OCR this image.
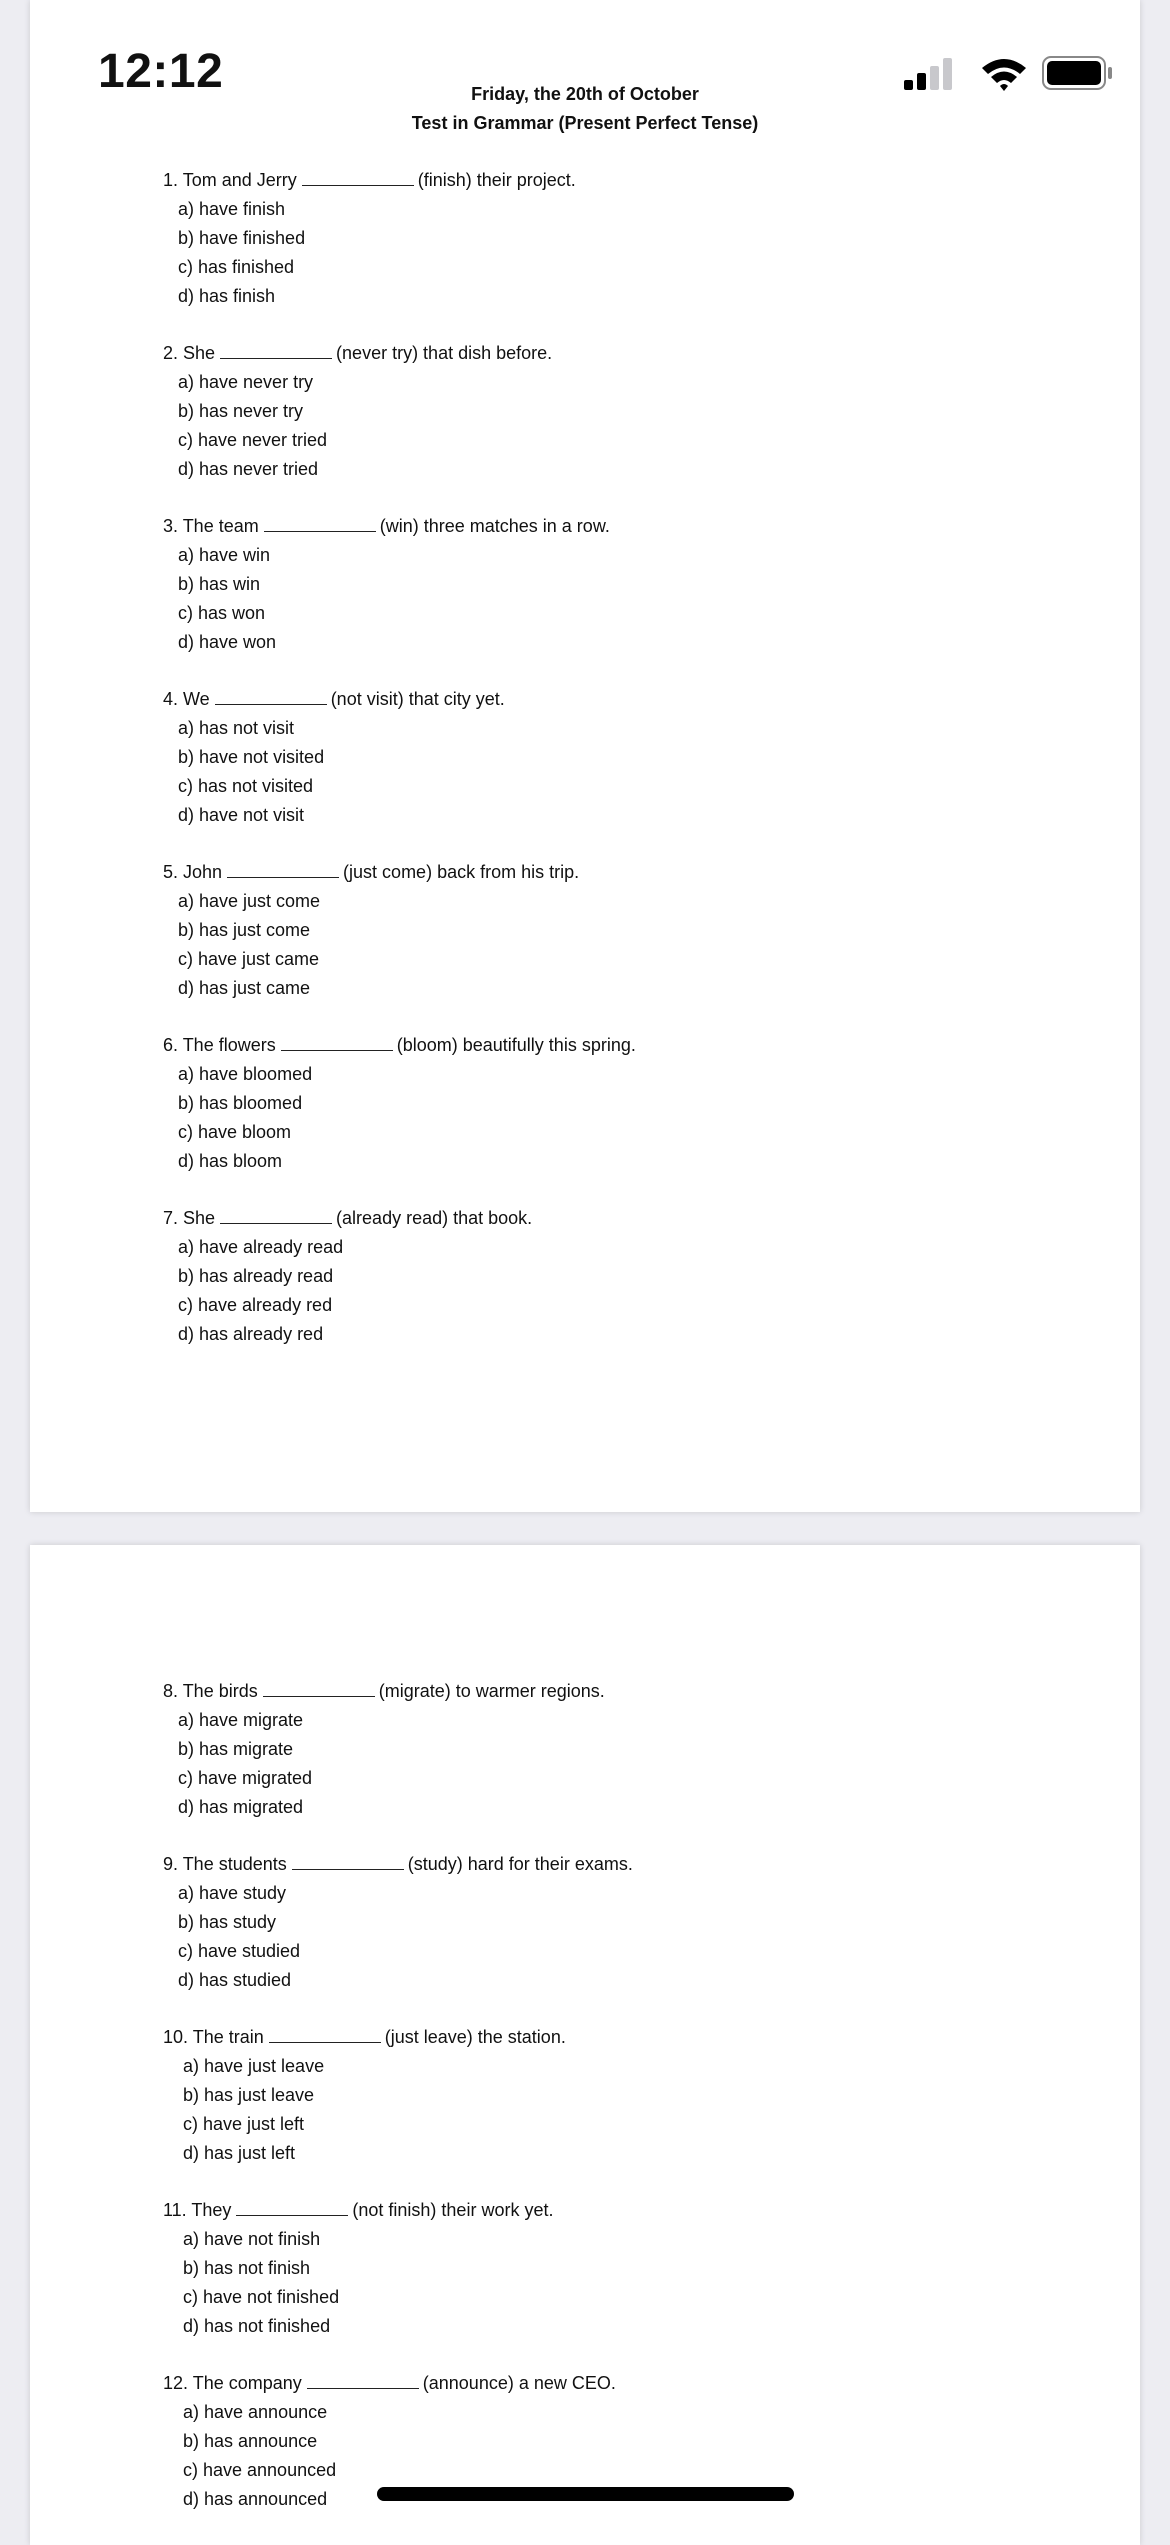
12:12	Friday, the 20th of October
Test in Grammar (Present Perfect Tense)
1. Tom and Jerry	(finish) their project.
a) have finish
b) have finished
c) has finished
d) has finish
2. She	(never try) that dish before.
a) have never try
b) has never try
c) have never tried
d) has never tried
3. The team	(win) three matches in a row.
a) have win
b) has win
c) has won
d) have won
4. We	(not visit) that city yet.
a) has not visit
b) have not visited
c) has not visited
d) have not visit
5. John	(just come) back from his trip.
a) have just come
b) has just come
c) have just came
d) has just came
6. The flowers	(bloom) beautifully this spring.
a) have bloomed
b) has bloomed
c) have bloom
d) has bloom
7. She	(already read) that book.
a) have already read
b) has already read
c) have already red
d) has already red
8. The birds	(migrate) to warmer regions.
a) have migrate
b) has migrate
c) have migrated
d) has migrated
9. The students	(study) hard for their exams.
a) have study
b) has study
c) have studied
d) has studied
10. The train	(just leave) the station.
a) have just leave
b) has just leave
c) have just left
d) has just left
11. They	(not finish) their work yet.
a) have not finish
b) has not finish
c) have not finished
d) has not finished
12. The company	(announce) a new CEO.
a) have announce
b) has announce
c) have announced
d) has announced
